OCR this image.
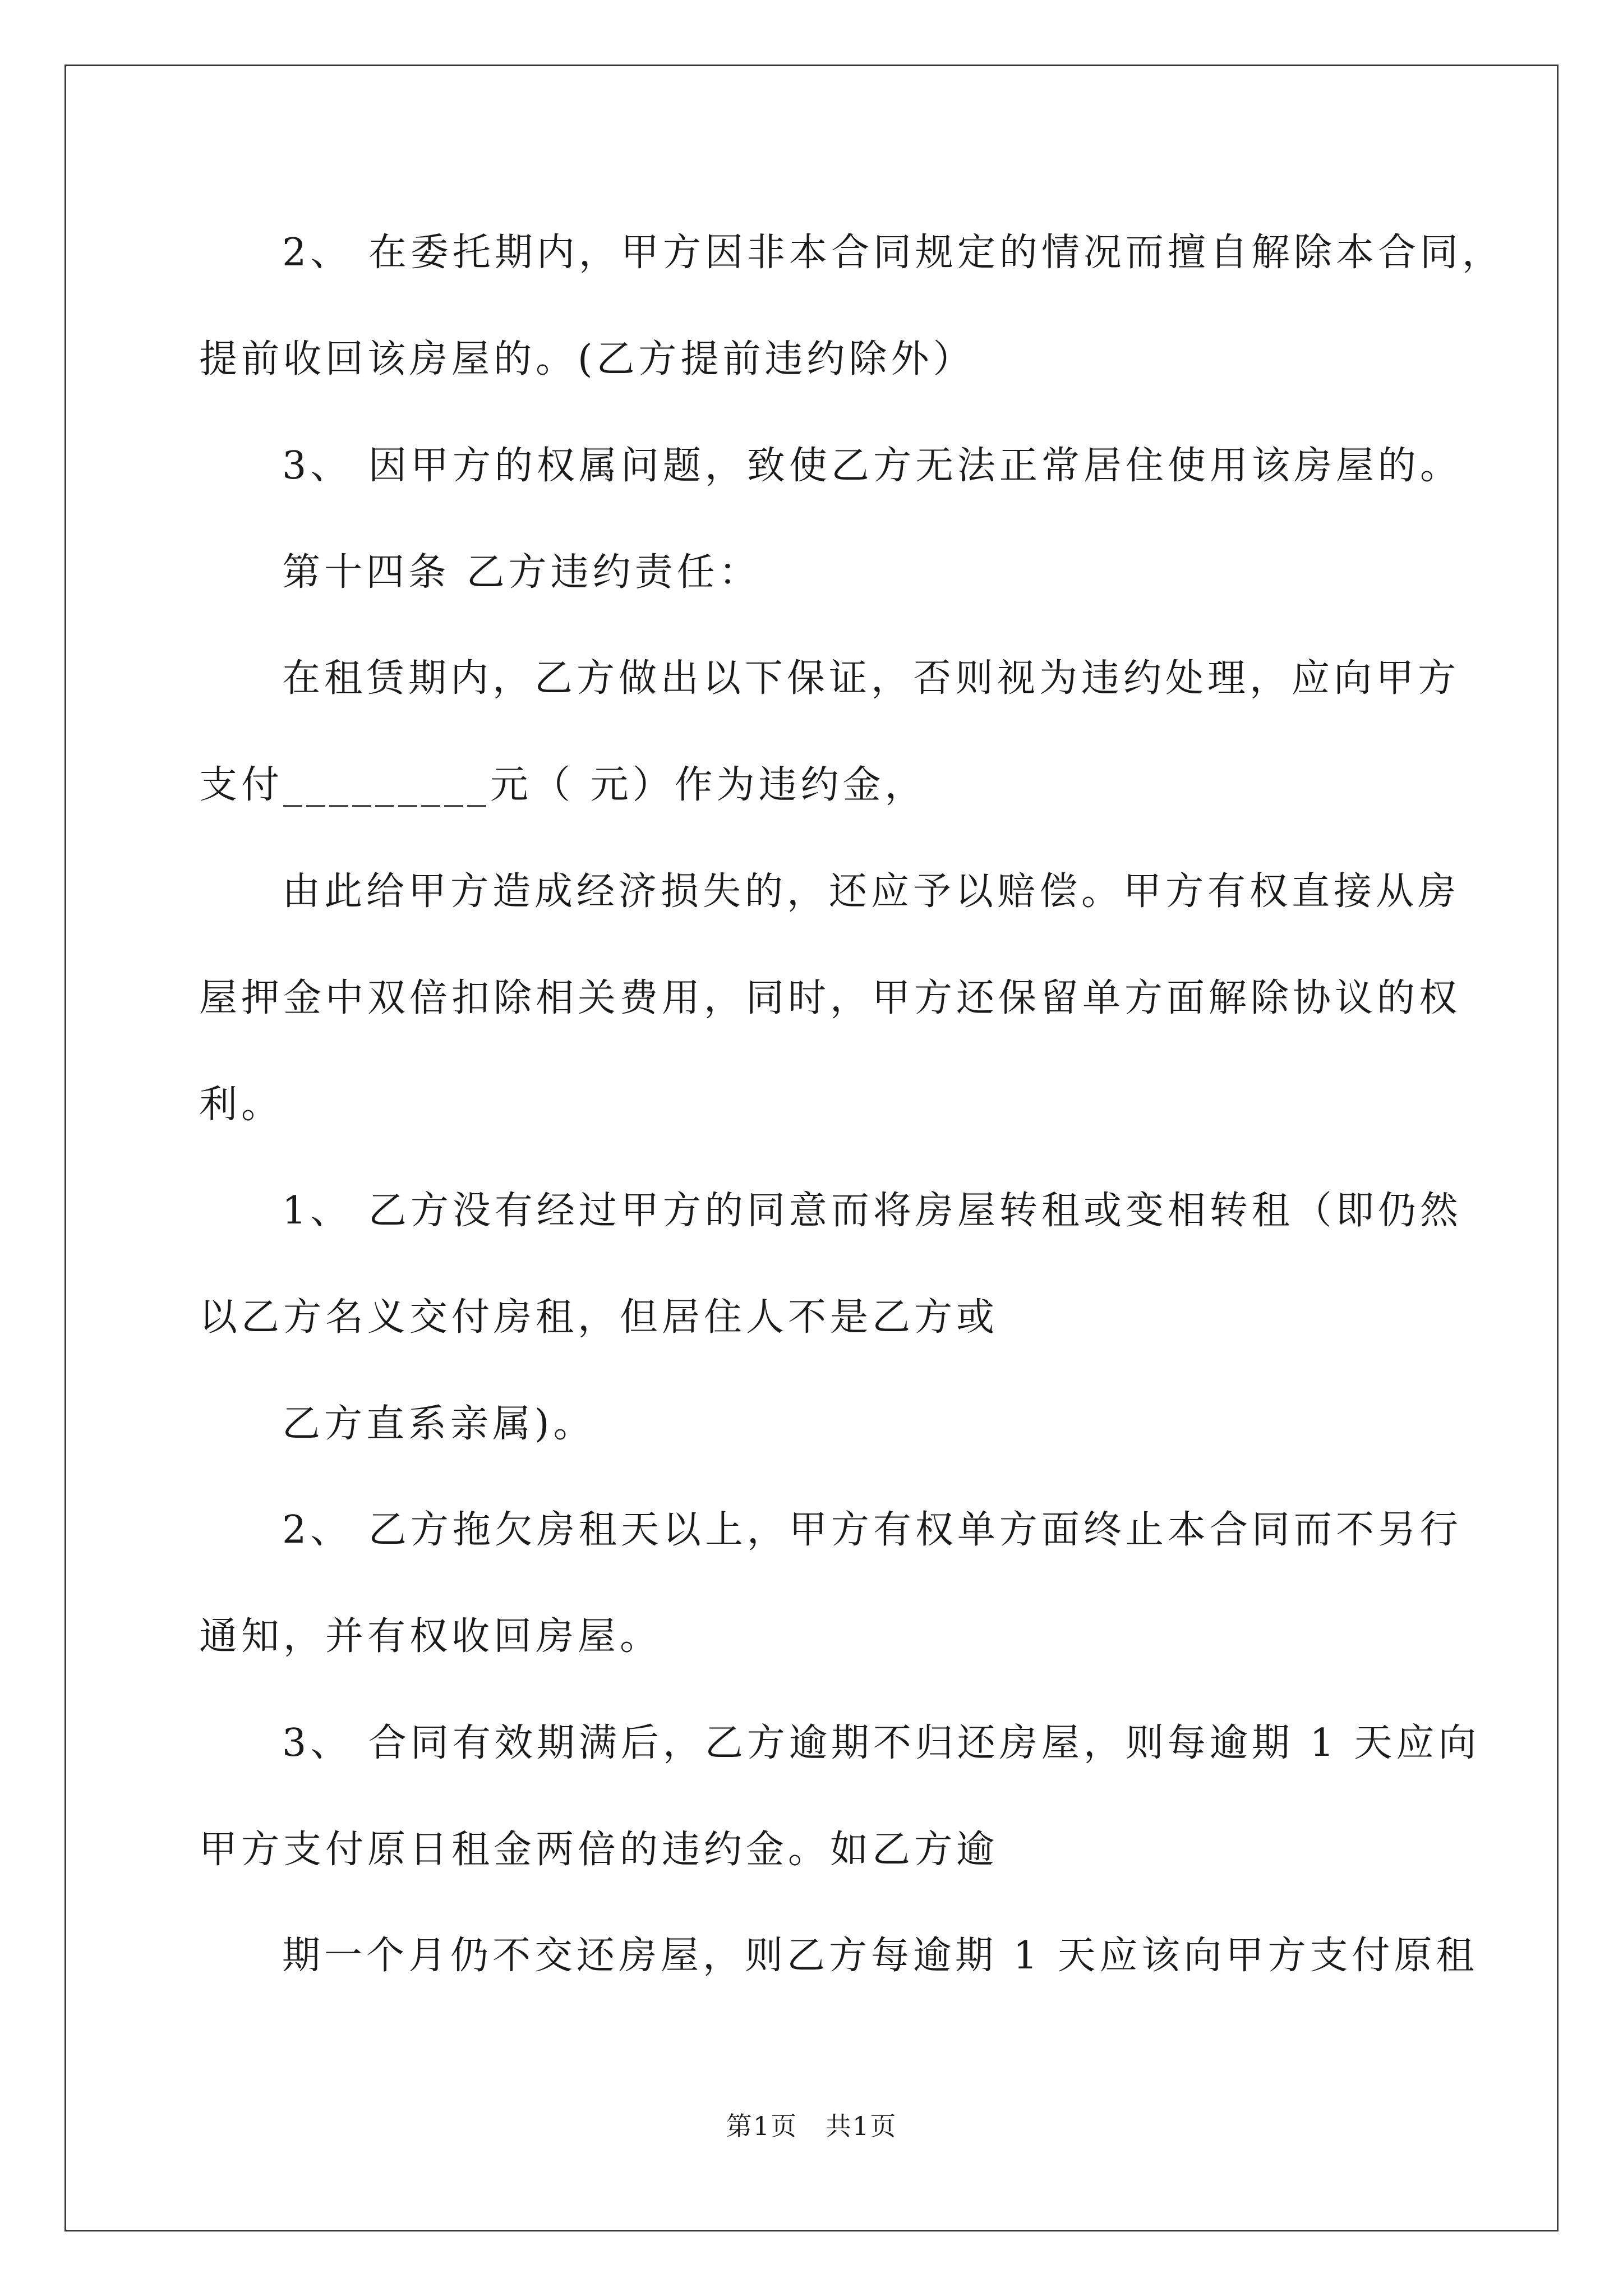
2、 在委托期内，甲方因非本合同规定的情况而擅自解除本合同，
提前收回该房屋的。(乙方提前违约除外）
3、 因甲方的权属问题，致使乙方无法正常居住使用该房屋的。
第十四条 乙方违约责任：
在租赁期内，乙方做出以下保证，否则视为违约处理，应向甲方
支付_________元（ 元）作为违约金，
由此给甲方造成经济损失的，还应予以赔偿。甲方有权直接从房
屋押金中双倍扣除相关费用，同时，甲方还保留单方面解除协议的权
利。
1、 乙方没有经过甲方的同意而将房屋转租或变相转租（即仍然
以乙方名义交付房租，但居住人不是乙方或
乙方直系亲属)。
2、 乙方拖欠房租天以上，甲方有权单方面终止本合同而不另行
通知，并有权收回房屋。
3、 合同有效期满后，乙方逾期不归还房屋，则每逾期 1 天应向
甲方支付原日租金两倍的违约金。如乙方逾
期一个月仍不交还房屋，则乙方每逾期 1 天应该向甲方支付原租
第1页   共1页
